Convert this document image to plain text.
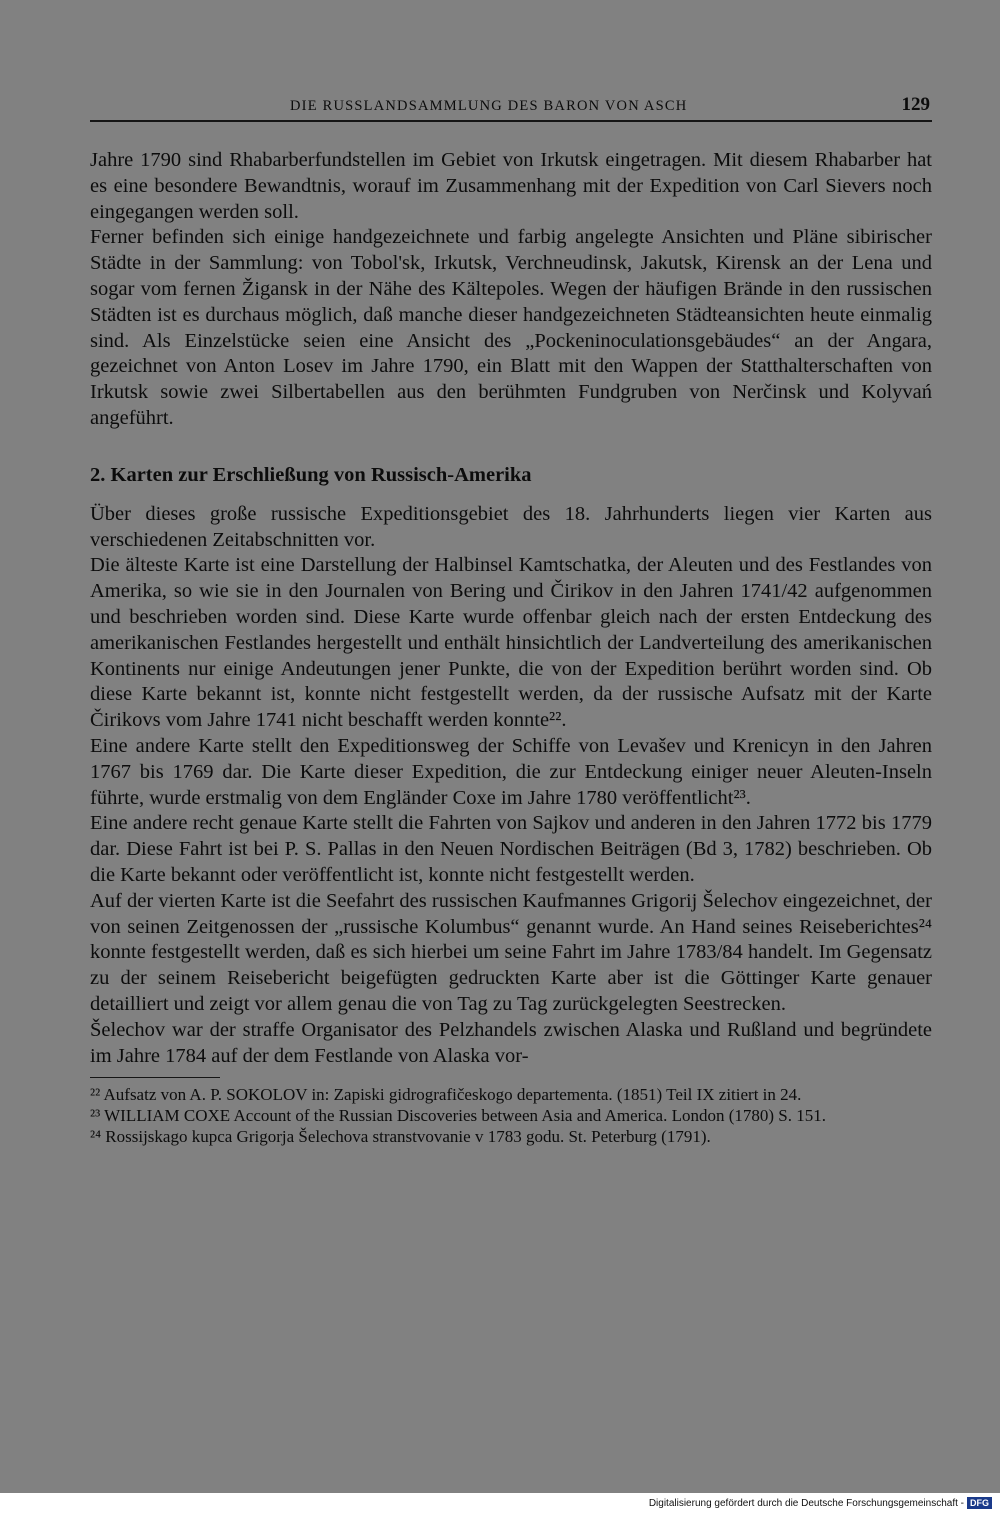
DIE RUSSLANDSAMMLUNG DES BARON VON ASCH	129

Jahre 1790 sind Rhabarberfundstellen im Gebiet von Irkutsk eingetragen. Mit diesem Rhabarber hat es eine besondere Bewandtnis, worauf im Zusammenhang mit der Expedition von Carl Sievers noch eingegangen werden soll.

Ferner befinden sich einige handgezeichnete und farbig angelegte Ansichten und Pläne sibirischer Städte in der Sammlung: von Tobol'sk, Irkutsk, Verchneudinsk, Jakutsk, Kirensk an der Lena und sogar vom fernen Žigansk in der Nähe des Kältepoles. Wegen der häufigen Brände in den russischen Städten ist es durchaus möglich, daß manche dieser handgezeichneten Städteansichten heute einmalig sind. Als Einzelstücke seien eine Ansicht des „Pockeninoculationsgebäudes“ an der Angara, gezeichnet von Anton Losev im Jahre 1790, ein Blatt mit den Wappen der Statthalterschaften von Irkutsk sowie zwei Silbertabellen aus den berühmten Fundgruben von Nerčinsk und Kolyvań angeführt.

2. Karten zur Erschließung von Russisch-Amerika

Über dieses große russische Expeditionsgebiet des 18. Jahrhunderts liegen vier Karten aus verschiedenen Zeitabschnitten vor.

Die älteste Karte ist eine Darstellung der Halbinsel Kamtschatka, der Aleuten und des Festlandes von Amerika, so wie sie in den Journalen von Bering und Čirikov in den Jahren 1741/42 aufgenommen und beschrieben worden sind. Diese Karte wurde offenbar gleich nach der ersten Entdeckung des amerikanischen Festlandes hergestellt und enthält hinsichtlich der Landverteilung des amerikanischen Kontinents nur einige Andeutungen jener Punkte, die von der Expedition berührt worden sind. Ob diese Karte bekannt ist, konnte nicht festgestellt werden, da der russische Aufsatz mit der Karte Čirikovs vom Jahre 1741 nicht beschafft werden konnte²².

Eine andere Karte stellt den Expeditionsweg der Schiffe von Levašev und Krenicyn in den Jahren 1767 bis 1769 dar. Die Karte dieser Expedition, die zur Entdeckung einiger neuer Aleuten-Inseln führte, wurde erstmalig von dem Engländer Coxe im Jahre 1780 veröffentlicht²³.

Eine andere recht genaue Karte stellt die Fahrten von Sajkov und anderen in den Jahren 1772 bis 1779 dar. Diese Fahrt ist bei P. S. Pallas in den Neuen Nordischen Beiträgen (Bd 3, 1782) beschrieben. Ob die Karte bekannt oder veröffentlicht ist, konnte nicht festgestellt werden.

Auf der vierten Karte ist die Seefahrt des russischen Kaufmannes Grigorij Šelechov eingezeichnet, der von seinen Zeitgenossen der „russische Kolumbus“ genannt wurde. An Hand seines Reiseberichtes²⁴ konnte festgestellt werden, daß es sich hierbei um seine Fahrt im Jahre 1783/84 handelt. Im Gegensatz zu der seinem Reisebericht beigefügten gedruckten Karte aber ist die Göttinger Karte genauer detailliert und zeigt vor allem genau die von Tag zu Tag zurückgelegten Seestrecken.

Šelechov war der straffe Organisator des Pelzhandels zwischen Alaska und Rußland und begründete im Jahre 1784 auf der dem Festlande von Alaska vor-

²² Aufsatz von A. P. SOKOLOV in: Zapiski gidrografičeskogo departementa. (1851) Teil IX zitiert in 24.

²³ WILLIAM COXE Account of the Russian Discoveries between Asia and America. London (1780) S. 151.

²⁴ Rossijskago kupca Grigorja Šelechova stranstvovanie v 1783 godu. St. Peterburg (1791).

Digitalisierung gefördert durch die Deutsche Forschungsgemeinschaft - DFG
